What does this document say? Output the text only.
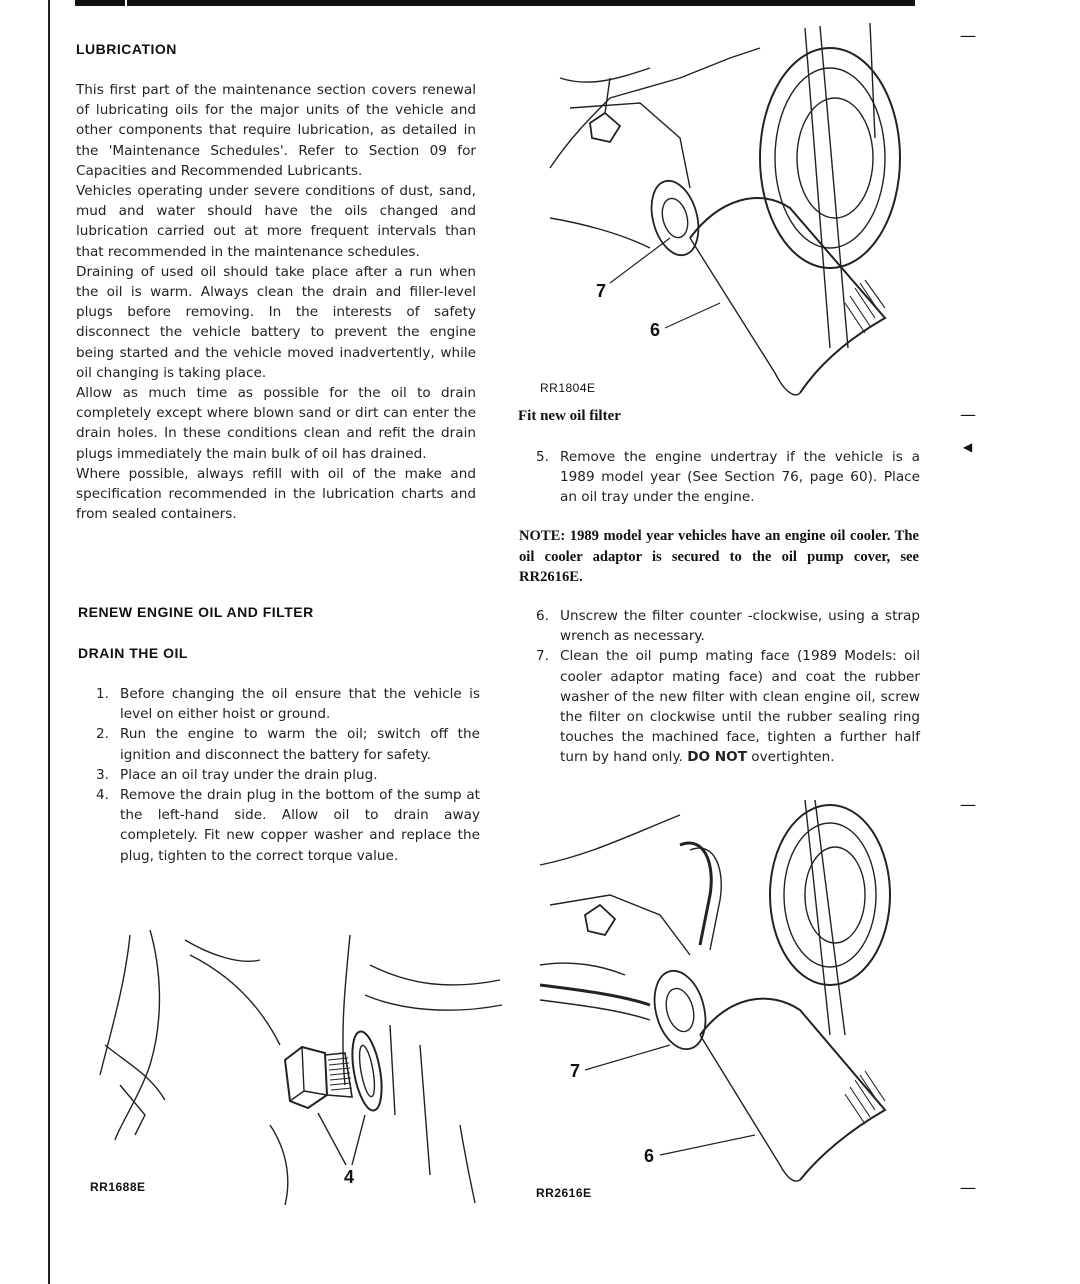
LUBRICATION

This first part of the maintenance section covers renewal of lubricating oils for the major units of the vehicle and other components that require lubrication, as detailed in the 'Maintenance Schedules'. Refer to Section 09 for Capacities and Recommended Lubricants.

Vehicles operating under severe conditions of dust, sand, mud and water should have the oils changed and lubrication carried out at more frequent intervals than that recommended in the maintenance schedules.

Draining of used oil should take place after a run when the oil is warm. Always clean the drain and filler-level plugs before removing. In the interests of safety disconnect the vehicle battery to prevent the engine being started and the vehicle moved inadvertently, while oil changing is taking place.

Allow as much time as possible for the oil to drain completely except where blown sand or dirt can enter the drain holes. In these conditions clean and refit the drain plugs immediately the main bulk of oil has drained.

Where possible, always refill with oil of the make and specification recommended in the lubrication charts and from sealed containers.

RENEW ENGINE OIL AND FILTER
DRAIN THE OIL
1. Before changing the oil ensure that the vehicle is level on either hoist or ground.
2. Run the engine to warm the oil; switch off the ignition and disconnect the battery for safety.
3. Place an oil tray under the drain plug.
4. Remove the drain plug in the bottom of the sump at the left-hand side. Allow oil to drain away completely. Fit new copper washer and replace the plug, tighten to the correct torque value.
4
RR1688E
7
6
RR1804E
Fit new oil filter
5. Remove the engine undertray if the vehicle is a 1989 model year (See Section 76, page 60). Place an oil tray under the engine.

NOTE: 1989 model year vehicles have an engine oil cooler. The oil cooler adaptor is secured to the oil pump cover, see RR2616E.

6. Unscrew the filter counter -clockwise, using a strap wrench as necessary.
7. Clean the oil pump mating face (1989 Models: oil cooler adaptor mating face) and coat the rubber washer of the new filter with clean engine oil, screw the filter on clockwise until the rubber sealing ring touches the machined face, tighten a further half turn by hand only. DO NOT overtighten.
7
6
RR2616E
—
—
◀
—
—
